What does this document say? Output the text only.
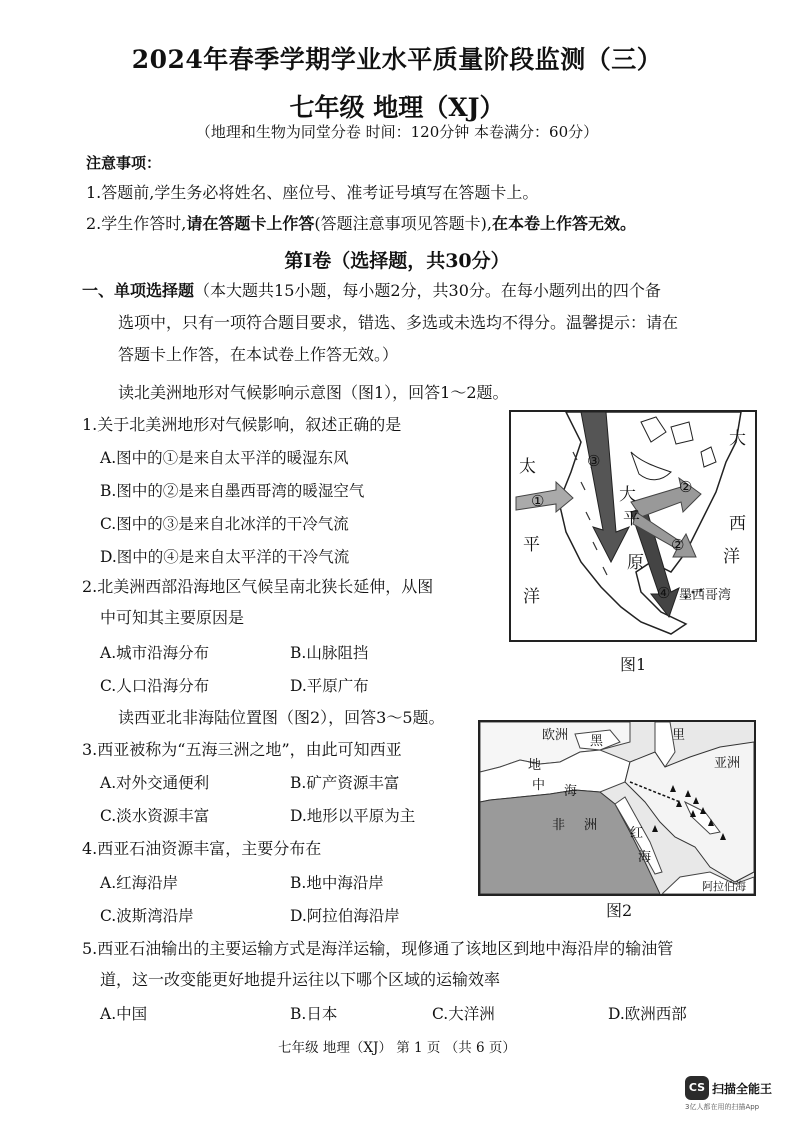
2024年春季学期学业水平质量阶段监测（三）
七年级 地理（XJ）
（地理和生物为同堂分卷 时间：120分钟 本卷满分：60分）
注意事项：
1.答题前,学生务必将姓名、座位号、准考证号填写在答题卡上。
2.学生作答时,请在答题卡上作答(答题注意事项见答题卡),在本卷上作答无效。
第Ⅰ卷（选择题，共30分）
一、单项选择题（本大题共15小题，每小题2分，共30分。在每小题列出的四个备
选项中，只有一项符合题目要求，错选、多选或未选均不得分。温馨提示：请在
答题卡上作答，在本试卷上作答无效。）
读北美洲地形对气候影响示意图（图1），回答1～2题。
1.关于北美洲地形对气候影响，叙述正确的是
A.图中的①是来自太平洋的暖湿东风
B.图中的②是来自墨西哥湾的暖湿空气
C.图中的③是来自北冰洋的干冷气流
D.图中的④是来自太平洋的干冷气流
2.北美洲西部沿海地区气候呈南北狭长延伸，从图
中可知其主要原因是
A.城市沿海分布	B.山脉阻挡
C.人口沿海分布	D.平原广布
太
平
洋
大
西
洋
大
平
原
墨西哥湾
①
②
②
③
④
图1
读西亚北非海陆位置图（图2），回答3～5题。
3.西亚被称为“五海三洲之地”，由此可知西亚
A.对外交通便利	B.矿产资源丰富
C.淡水资源丰富	D.地形以平原为主
4.西亚石油资源丰富，主要分布在
A.红海沿岸	B.地中海沿岸
C.波斯湾沿岸	D.阿拉伯海沿岸
欧洲 黑	里
亚洲
地
中 海
非 洲
红
海
阿拉伯海
图2
5.西亚石油输出的主要运输方式是海洋运输，现修通了该地区到地中海沿岸的输油管
道，这一改变能更好地提升运往以下哪个区域的运输效率
A.中国	B.日本	C.大洋洲	D.欧洲西部
七年级 地理（XJ） 第 1 页 （共 6 页）
CS 扫描全能王
3亿人都在用的扫描App
